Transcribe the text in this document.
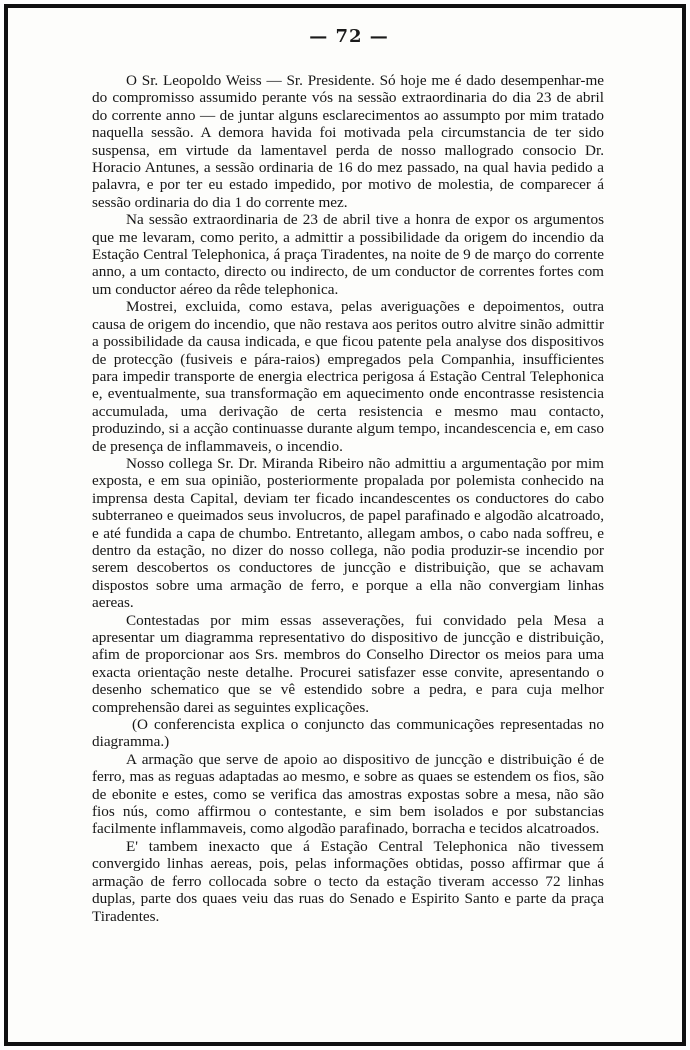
— 72 —

O Sr. Leopoldo Weiss — Sr. Presidente. Só hoje me é dado desempenhar-me do compromisso assumido perante vós na sessão extraordinaria do dia 23 de abril do corrente anno — de juntar alguns esclarecimentos ao assumpto por mim tratado naquella sessão. A demora havida foi motivada pela circumstancia de ter sido suspensa, em virtude da lamentavel perda de nosso mallogrado consocio Dr. Horacio Antunes, a sessão ordinaria de 16 do mez passado, na qual havia pedido a palavra, e por ter eu estado impedido, por motivo de molestia, de comparecer á sessão ordinaria do dia 1 do corrente mez.

Na sessão extraordinaria de 23 de abril tive a honra de expor os argumentos que me levaram, como perito, a admittir a possibilidade da origem do incendio da Estação Central Telephonica, á praça Tiradentes, na noite de 9 de março do corrente anno, a um contacto, directo ou indirecto, de um conductor de correntes fortes com um conductor aéreo da rêde telephonica.

Mostrei, excluida, como estava, pelas averiguações e depoimentos, outra causa de origem do incendio, que não restava aos peritos outro alvitre sinão admittir a possibilidade da causa indicada, e que ficou patente pela analyse dos dispositivos de protecção (fusiveis e pára-raios) empregados pela Companhia, insufficientes para impedir transporte de energia electrica perigosa á Estação Central Telephonica e, eventualmente, sua transformação em aquecimento onde encontrasse resistencia accumulada, uma derivação de certa resistencia e mesmo mau contacto, produzindo, si a acção continuasse durante algum tempo, incandescencia e, em caso de presença de inflammaveis, o incendio.

Nosso collega Sr. Dr. Miranda Ribeiro não admittiu a argumentação por mim exposta, e em sua opinião, posteriormente propalada por polemista conhecido na imprensa desta Capital, deviam ter ficado incandescentes os conductores do cabo subterraneo e queimados seus involucros, de papel parafinado e algodão alcatroado, e até fundida a capa de chumbo. Entretanto, allegam ambos, o cabo nada soffreu, e dentro da estação, no dizer do nosso collega, não podia produzir-se incendio por serem descobertos os conductores de juncção e distribuição, que se achavam dispostos sobre uma armação de ferro, e porque a ella não convergiam linhas aereas.

Contestadas por mim essas asseverações, fui convidado pela Mesa a apresentar um diagramma representativo do dispositivo de juncção e distribuição, afim de proporcionar aos Srs. membros do Conselho Director os meios para uma exacta orientação neste detalhe. Procurei satisfazer esse convite, apresentando o desenho schematico que se vê estendido sobre a pedra, e para cuja melhor comprehensão darei as seguintes explicações.

(O conferencista explica o conjuncto das communicações representadas no diagramma.)

A armação que serve de apoio ao dispositivo de juncção e distribuição é de ferro, mas as reguas adaptadas ao mesmo, e sobre as quaes se estendem os fios, são de ebonite e estes, como se verifica das amostras expostas sobre a mesa, não são fios nús, como affirmou o contestante, e sim bem isolados e por substancias facilmente inflammaveis, como algodão parafinado, borracha e tecidos alcatroados.

E' tambem inexacto que á Estação Central Telephonica não tivessem convergido linhas aereas, pois, pelas informações obtidas, posso affirmar que á armação de ferro collocada sobre o tecto da estação tiveram accesso 72 linhas duplas, parte dos quaes veiu das ruas do Senado e Espirito Santo e parte da praça Tiradentes.
